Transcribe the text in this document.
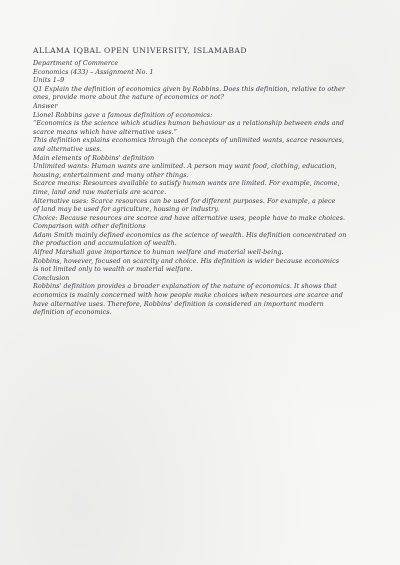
ALLAMA IQBAL OPEN UNIVERSITY, ISLAMABAD
Department of Commerce
Economics (433) – Assignment No. 1
Units 1–9
Q1 Explain the definition of economics given by Robbins. Does this definition, relative to other
ones, provide more about the nature of economics or not?
Answer
Lionel Robbins gave a famous definition of economics:
“Economics is the science which studies human behaviour as a relationship between ends and
scarce means which have alternative uses.”
This definition explains economics through the concepts of unlimited wants, scarce resources,
and alternative uses.
Main elements of Robbins' definition
Unlimited wants: Human wants are unlimited. A person may want food, clothing, education,
housing, entertainment and many other things.
Scarce means: Resources available to satisfy human wants are limited. For example, income,
time, land and raw materials are scarce.
Alternative uses: Scarce resources can be used for different purposes. For example, a piece
of land may be used for agriculture, housing or industry.
Choice: Because resources are scarce and have alternative uses, people have to make choices.
Comparison with other definitions
Adam Smith mainly defined economics as the science of wealth. His definition concentrated on
the production and accumulation of wealth.
Alfred Marshall gave importance to human welfare and material well-being.
Robbins, however, focused on scarcity and choice. His definition is wider because economics
is not limited only to wealth or material welfare.
Conclusion
Robbins' definition provides a broader explanation of the nature of economics. It shows that
economics is mainly concerned with how people make choices when resources are scarce and
have alternative uses. Therefore, Robbins' definition is considered an important modern
definition of economics.
